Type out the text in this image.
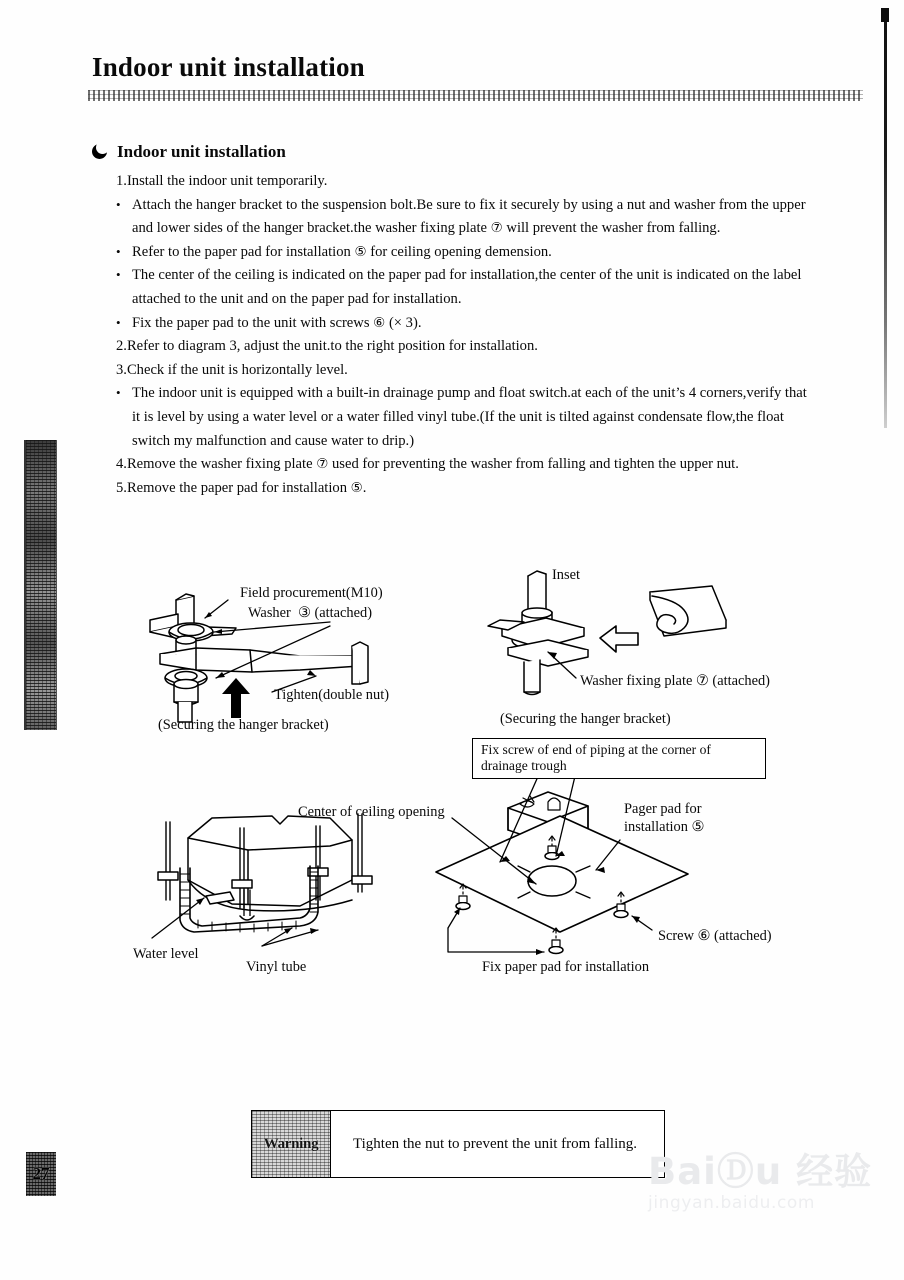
27
Indoor unit installation
Indoor unit installation
1.Install the indoor unit temporarily.
• Attach the hanger bracket to the suspension bolt.Be sure to fix it securely by using a nut and washer from the upper
and lower sides of the hanger bracket.the washer fixing plate ⑦ will prevent the washer from falling.
• Refer to the paper pad for installation ⑤ for ceiling opening demension.
• The center of the ceiling is indicated on the paper pad for installation,the center of the unit is indicated on the label
attached to the unit and on the paper pad for installation.
• Fix the paper pad to the unit with screws ⑥ (× 3).
2.Refer to diagram 3, adjust the unit.to the right position for installation.
3.Check if the unit is horizontally level.
• The indoor unit is equipped with a built-in drainage pump and float switch.at each of the unit’s 4 corners,verify that
it is level by using a water level or a water filled vinyl tube.(If the unit is tilted against condensate flow,the float
switch my malfunction and cause water to drip.)
4.Remove the washer fixing plate ⑦ used for preventing the washer from falling and tighten the upper nut.
5.Remove the paper pad for installation ⑤.
Field procurement(M10)
Washer  ③ (attached)
Tighten(double nut)
(Securing the hanger bracket)
Inset
Washer fixing plate ⑦ (attached)
(Securing the hanger bracket)
Fix screw of end of piping at the corner of drainage trough
Center of ceiling opening	Pager pad for
installation ⑤
Screw ⑥ (attached)
Fix paper pad for installation
Water level
Vinyl tube
Warning	Tighten the nut to prevent the unit from falling.
BaiⒹu 经验
jingyan.baidu.com
